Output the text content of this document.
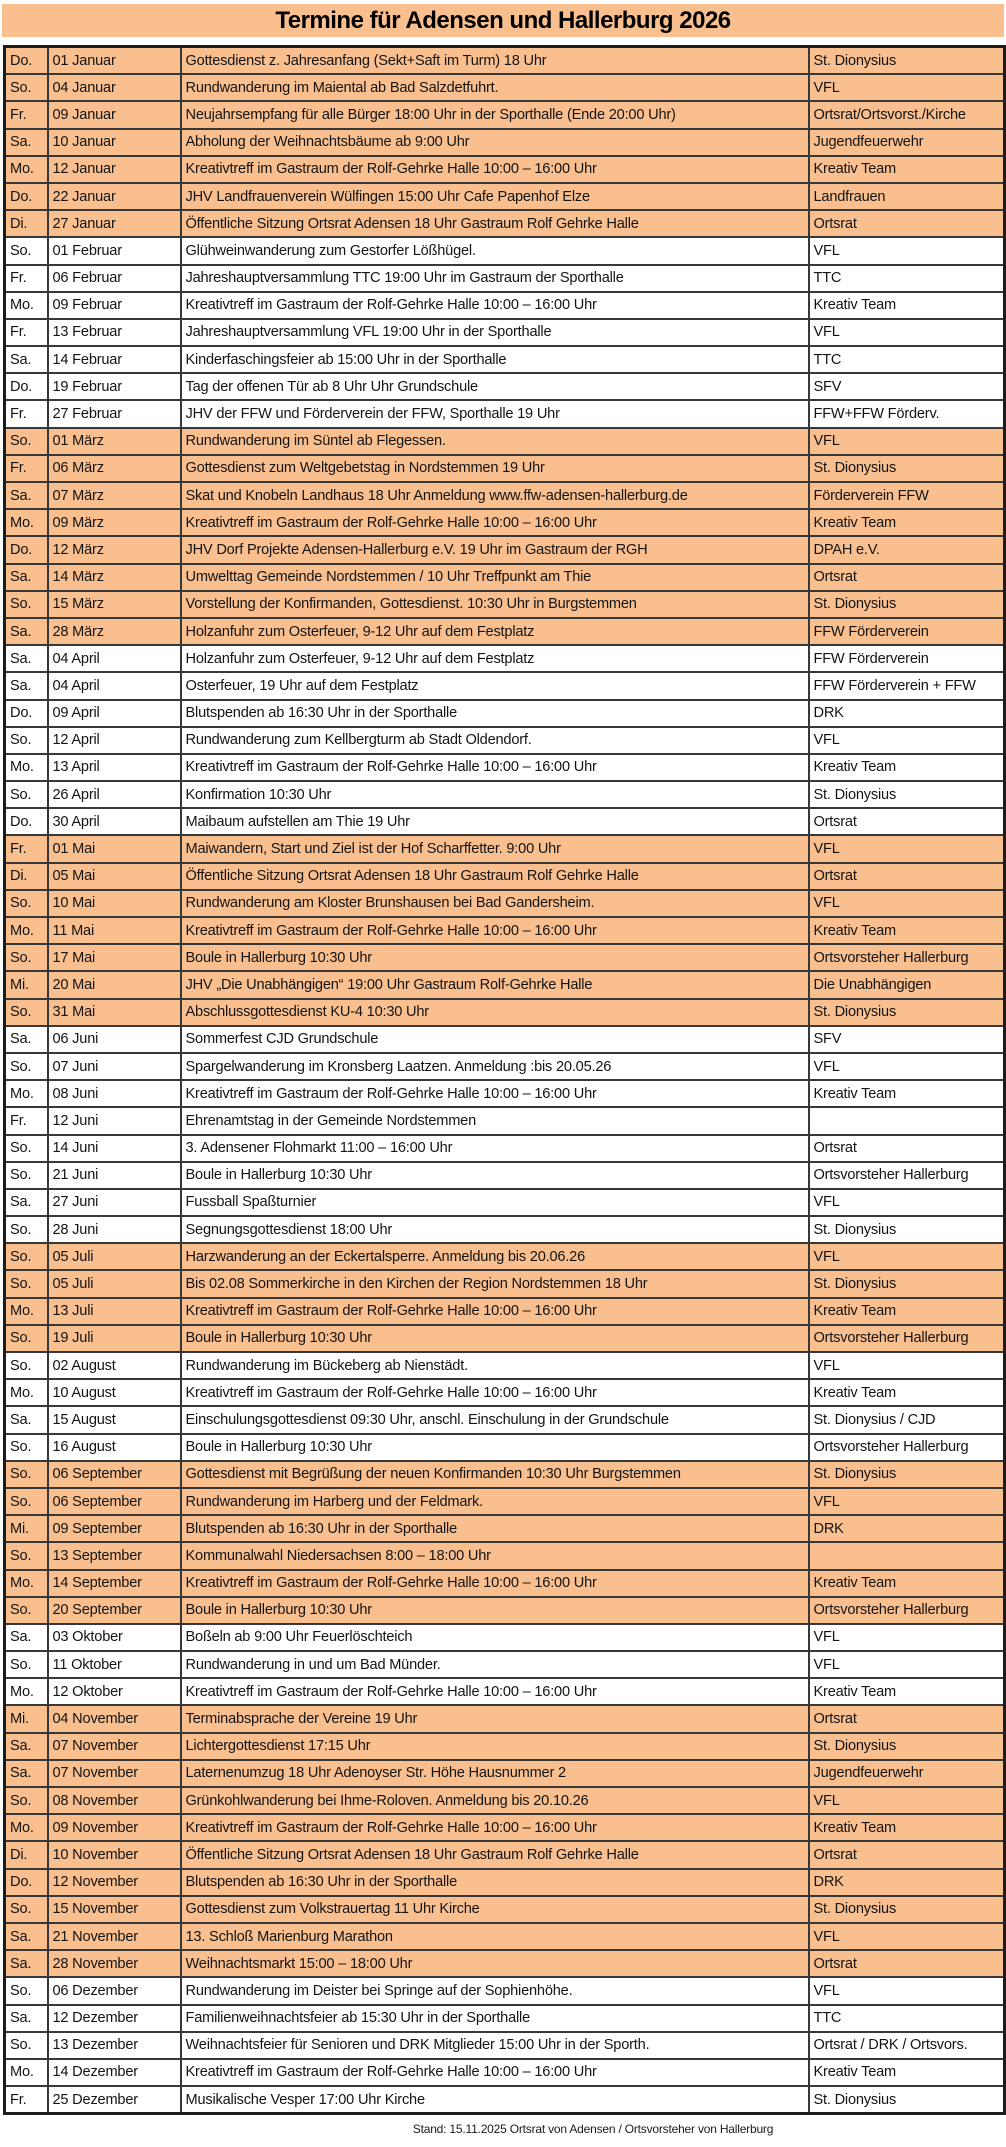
Termine für Adensen und Hallerburg 2026
Do.	01 Januar	Gottesdienst z. Jahresanfang (Sekt+Saft im Turm) 18 Uhr	St. Dionysius
So.	04 Januar	Rundwanderung im Maiental ab Bad Salzdetfuhrt.	VFL
Fr.	09 Januar	Neujahrsempfang für alle Bürger 18:00 Uhr in der Sporthalle (Ende 20:00 Uhr)	Ortsrat/Ortsvorst./Kirche
Sa.	10 Januar	Abholung der Weihnachtsbäume ab 9:00 Uhr	Jugendfeuerwehr
Mo.	12 Januar	Kreativtreff im Gastraum der Rolf-Gehrke Halle 10:00 – 16:00 Uhr	Kreativ Team
Do.	22 Januar	JHV Landfrauenverein Wülfingen 15:00 Uhr Cafe Papenhof Elze	Landfrauen
Di.	27 Januar	Öffentliche Sitzung Ortsrat Adensen 18 Uhr Gastraum Rolf Gehrke Halle	Ortsrat
So.	01 Februar	Glühweinwanderung zum Gestorfer Lößhügel.	VFL
Fr.	06 Februar	Jahreshauptversammlung TTC 19:00 Uhr im Gastraum der Sporthalle	TTC
Mo.	09 Februar	Kreativtreff im Gastraum der Rolf-Gehrke Halle 10:00 – 16:00 Uhr	Kreativ Team
Fr.	13 Februar	Jahreshauptversammlung VFL 19:00 Uhr in der Sporthalle	VFL
Sa.	14 Februar	Kinderfaschingsfeier ab 15:00 Uhr in der Sporthalle	TTC
Do.	19 Februar	Tag der offenen Tür ab 8 Uhr Uhr Grundschule	SFV
Fr.	27 Februar	JHV der FFW und Förderverein der FFW, Sporthalle 19 Uhr	FFW+FFW Förderv.
So.	01 März	Rundwanderung im Süntel ab Flegessen.	VFL
Fr.	06 März	Gottesdienst zum Weltgebetstag in Nordstemmen 19 Uhr	St. Dionysius
Sa.	07 März	Skat und Knobeln Landhaus 18 Uhr Anmeldung www.ffw-adensen-hallerburg.de	Förderverein FFW
Mo.	09 März	Kreativtreff im Gastraum der Rolf-Gehrke Halle 10:00 – 16:00 Uhr	Kreativ Team
Do.	12 März	JHV Dorf Projekte Adensen-Hallerburg e.V. 19 Uhr im Gastraum der RGH	DPAH e.V.
Sa.	14 März	Umwelttag Gemeinde Nordstemmen / 10 Uhr Treffpunkt am Thie	Ortsrat
So.	15 März	Vorstellung der Konfirmanden, Gottesdienst. 10:30 Uhr in Burgstemmen	St. Dionysius
Sa.	28 März	Holzanfuhr zum Osterfeuer, 9-12 Uhr auf dem Festplatz	FFW Förderverein
Sa.	04 April	Holzanfuhr zum Osterfeuer, 9-12 Uhr auf dem Festplatz	FFW Förderverein
Sa.	04 April	Osterfeuer, 19 Uhr auf dem Festplatz	FFW Förderverein + FFW
Do.	09 April	Blutspenden ab 16:30 Uhr in der Sporthalle	DRK
So.	12 April	Rundwanderung zum Kellbergturm ab Stadt Oldendorf.	VFL
Mo.	13 April	Kreativtreff im Gastraum der Rolf-Gehrke Halle 10:00 – 16:00 Uhr	Kreativ Team
So.	26 April	Konfirmation 10:30 Uhr	St. Dionysius
Do.	30 April	Maibaum aufstellen am Thie 19 Uhr	Ortsrat
Fr.	01 Mai	Maiwandern, Start und Ziel ist der Hof Scharffetter. 9:00 Uhr	VFL
Di.	05 Mai	Öffentliche Sitzung Ortsrat Adensen 18 Uhr Gastraum Rolf Gehrke Halle	Ortsrat
So.	10 Mai	Rundwanderung am Kloster Brunshausen bei Bad Gandersheim.	VFL
Mo.	11 Mai	Kreativtreff im Gastraum der Rolf-Gehrke Halle 10:00 – 16:00 Uhr	Kreativ Team
So.	17 Mai	Boule in Hallerburg 10:30 Uhr	Ortsvorsteher Hallerburg
Mi.	20 Mai	JHV „Die Unabhängigen“ 19:00 Uhr Gastraum Rolf-Gehrke Halle	Die Unabhängigen
So.	31 Mai	Abschlussgottesdienst KU-4 10:30 Uhr	St. Dionysius
Sa.	06 Juni	Sommerfest CJD Grundschule	SFV
So.	07 Juni	Spargelwanderung im Kronsberg Laatzen. Anmeldung :bis 20.05.26	VFL
Mo.	08 Juni	Kreativtreff im Gastraum der Rolf-Gehrke Halle 10:00 – 16:00 Uhr	Kreativ Team
Fr.	12 Juni	Ehrenamtstag in der Gemeinde Nordstemmen	
So.	14 Juni	3. Adensener Flohmarkt 11:00 – 16:00 Uhr	Ortsrat
So.	21 Juni	Boule in Hallerburg 10:30 Uhr	Ortsvorsteher Hallerburg
Sa.	27 Juni	Fussball Spaßturnier	VFL
So.	28 Juni	Segnungsgottesdienst 18:00 Uhr	St. Dionysius
So.	05 Juli	Harzwanderung an der Eckertalsperre. Anmeldung bis 20.06.26	VFL
So.	05 Juli	Bis 02.08 Sommerkirche in den Kirchen der Region Nordstemmen 18 Uhr	St. Dionysius
Mo.	13 Juli	Kreativtreff im Gastraum der Rolf-Gehrke Halle 10:00 – 16:00 Uhr	Kreativ Team
So.	19 Juli	Boule in Hallerburg 10:30 Uhr	Ortsvorsteher Hallerburg
So.	02 August	Rundwanderung im Bückeberg ab Nienstädt.	VFL
Mo.	10 August	Kreativtreff im Gastraum der Rolf-Gehrke Halle 10:00 – 16:00 Uhr	Kreativ Team
Sa.	15 August	Einschulungsgottesdienst 09:30 Uhr, anschl. Einschulung in der Grundschule	St. Dionysius / CJD
So.	16 August	Boule in Hallerburg 10:30 Uhr	Ortsvorsteher Hallerburg
So.	06 September	Gottesdienst mit Begrüßung der neuen Konfirmanden 10:30 Uhr Burgstemmen	St. Dionysius
So.	06 September	Rundwanderung im Harberg und der Feldmark.	VFL
Mi.	09 September	Blutspenden ab 16:30 Uhr in der Sporthalle	DRK
So.	13 September	Kommunalwahl Niedersachsen 8:00 – 18:00 Uhr	
Mo.	14 September	Kreativtreff im Gastraum der Rolf-Gehrke Halle 10:00 – 16:00 Uhr	Kreativ Team
So.	20 September	Boule in Hallerburg 10:30 Uhr	Ortsvorsteher Hallerburg
Sa.	03 Oktober	Boßeln ab 9:00 Uhr Feuerlöschteich	VFL
So.	11 Oktober	Rundwanderung in und um Bad Münder.	VFL
Mo.	12 Oktober	Kreativtreff im Gastraum der Rolf-Gehrke Halle 10:00 – 16:00 Uhr	Kreativ Team
Mi.	04 November	Terminabsprache der Vereine 19 Uhr	Ortsrat
Sa.	07 November	Lichtergottesdienst 17:15 Uhr	St. Dionysius
Sa.	07 November	Laternenumzug 18 Uhr Adenoyser Str. Höhe Hausnummer 2	Jugendfeuerwehr
So.	08 November	Grünkohlwanderung bei Ihme-Roloven. Anmeldung bis 20.10.26	VFL
Mo.	09 November	Kreativtreff im Gastraum der Rolf-Gehrke Halle 10:00 – 16:00 Uhr	Kreativ Team
Di.	10 November	Öffentliche Sitzung Ortsrat Adensen 18 Uhr Gastraum Rolf Gehrke Halle	Ortsrat
Do.	12 November	Blutspenden ab 16:30 Uhr in der Sporthalle	DRK
So.	15 November	Gottesdienst zum Volkstrauertag 11 Uhr Kirche	St. Dionysius
Sa.	21 November	13. Schloß Marienburg Marathon	VFL
Sa.	28 November	Weihnachtsmarkt 15:00 – 18:00 Uhr	Ortsrat
So.	06 Dezember	Rundwanderung im Deister bei Springe auf der Sophienhöhe.	VFL
Sa.	12 Dezember	Familienweihnachtsfeier ab 15:30 Uhr in der Sporthalle	TTC
So.	13 Dezember	Weihnachtsfeier für Senioren und DRK Mitglieder 15:00 Uhr in der Sporth.	Ortsrat / DRK / Ortsvors.
Mo.	14 Dezember	Kreativtreff im Gastraum der Rolf-Gehrke Halle 10:00 – 16:00 Uhr	Kreativ Team
Fr.	25 Dezember	Musikalische Vesper 17:00 Uhr Kirche	St. Dionysius
Stand: 15.11.2025 Ortsrat von Adensen / Ortsvorsteher von Hallerburg
